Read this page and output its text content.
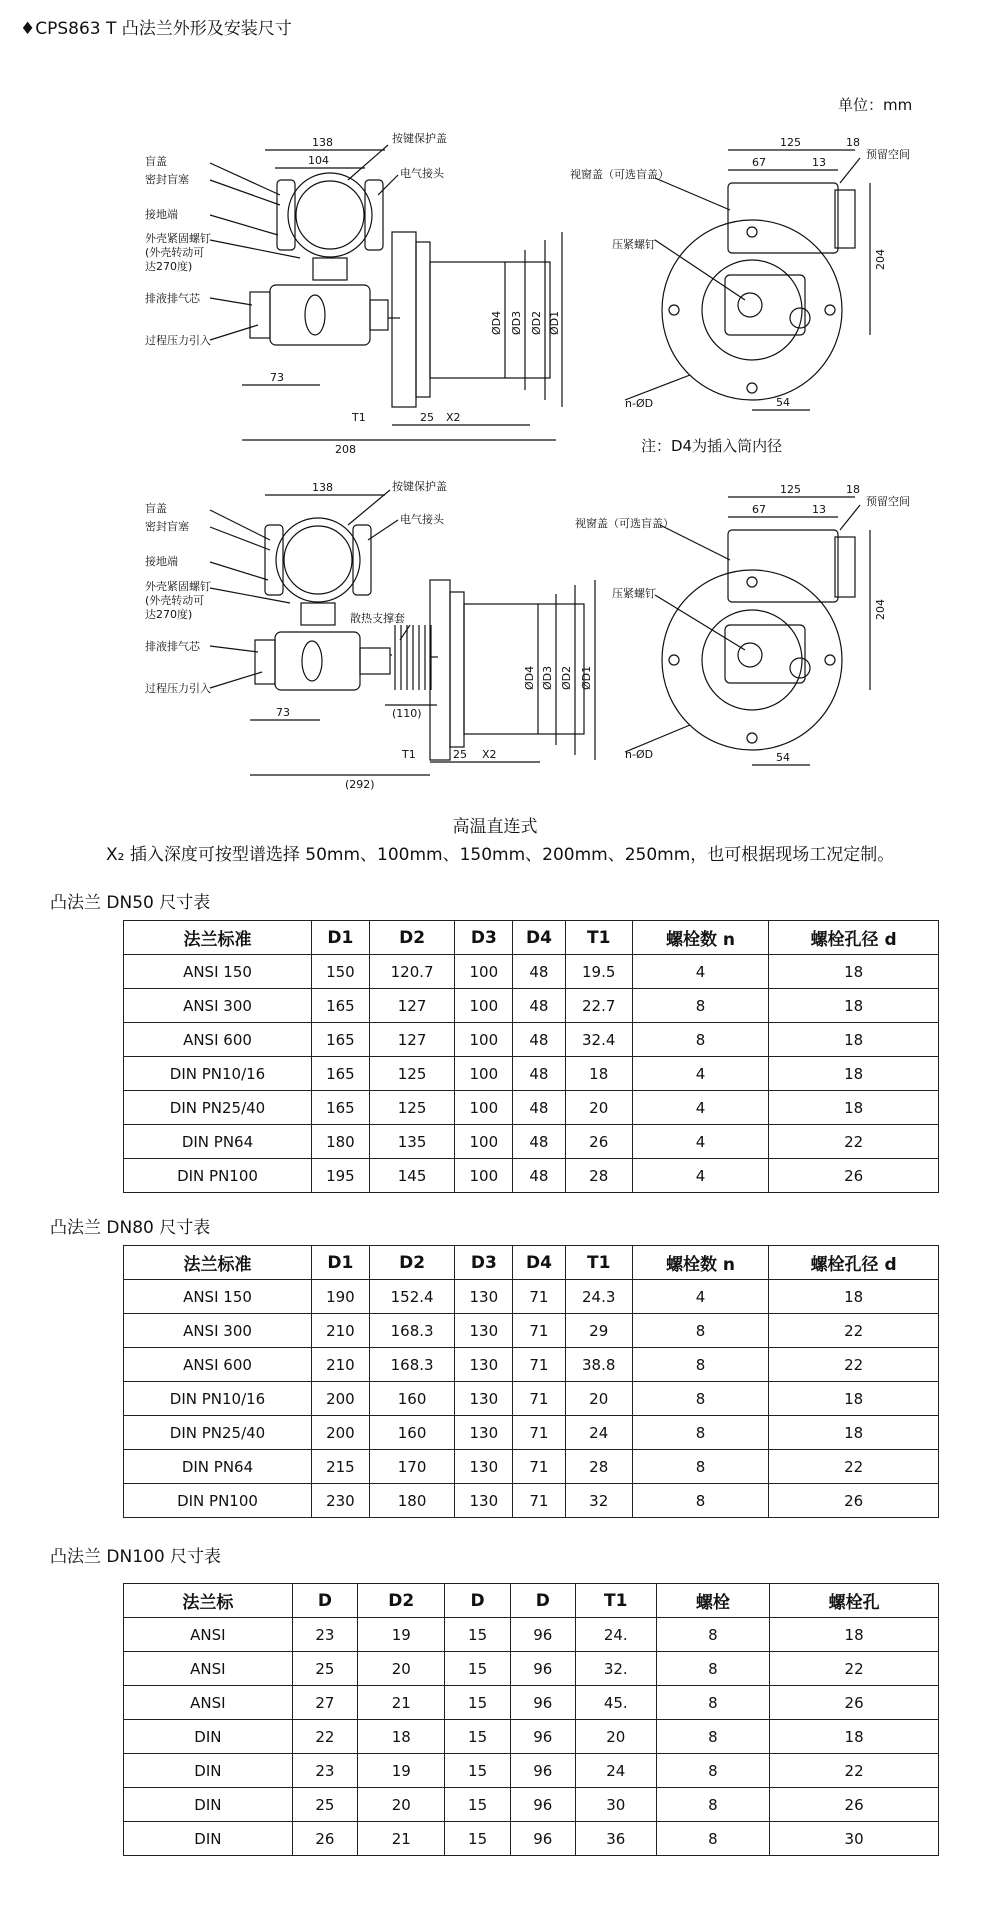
♦CPS863 T 凸法兰外形及安装尺寸
单位：mm
盲盖
密封盲塞
接地端
外壳紧固螺钉
(外壳转动可
达270度)
排液排气芯
过程压力引入
按键保护盖
电气接头
138
104
73
208
T1	25 X2
ØD4 ØD3 ØD2 ØD1
视窗盖（可选盲盖）
压紧螺钉
预留空间
n-ØD
125	18
67	13
204
54
盲盖
密封盲塞
接地端
外壳紧固螺钉
(外壳转动可
达270度)
排液排气芯
过程压力引入
按键保护盖
电气接头
散热支撑套
138
73	(110)
(292)
T1	25 X2
ØD4 ØD3 ØD2 ØD1
视窗盖（可选盲盖）
压紧螺钉
预留空间
n-ØD
125	18
67	13
204
54
注：D4为插入筒内径
高温直连式
X₂ 插入深度可按型谱选择 50mm、100mm、150mm、200mm、250mm，也可根据现场工况定制。
凸法兰 DN50 尺寸表
法兰标准	D1	D2	D3	D4	T1	螺栓数 n	螺栓孔径 d
ANSI 150	150	120.7	100	48	19.5	4	18
ANSI 300	165	127	100	48	22.7	8	18
ANSI 600	165	127	100	48	32.4	8	18
DIN PN10/16	165	125	100	48	18	4	18
DIN PN25/40	165	125	100	48	20	4	18
DIN PN64	180	135	100	48	26	4	22
DIN PN100	195	145	100	48	28	4	26
凸法兰 DN80 尺寸表
法兰标准	D1	D2	D3	D4	T1	螺栓数 n	螺栓孔径 d
ANSI 150	190	152.4	130	71	24.3	4	18
ANSI 300	210	168.3	130	71	29	8	22
ANSI 600	210	168.3	130	71	38.8	8	22
DIN PN10/16	200	160	130	71	20	8	18
DIN PN25/40	200	160	130	71	24	8	18
DIN PN64	215	170	130	71	28	8	22
DIN PN100	230	180	130	71	32	8	26
凸法兰 DN100 尺寸表
法兰标	D	D2	D	D	T1	螺栓	螺栓孔
ANSI	23	19	15	96	24.	8	18
ANSI	25	20	15	96	32.	8	22
ANSI	27	21	15	96	45.	8	26
DIN	22	18	15	96	20	8	18
DIN	23	19	15	96	24	8	22
DIN	25	20	15	96	30	8	26
DIN	26	21	15	96	36	8	30
